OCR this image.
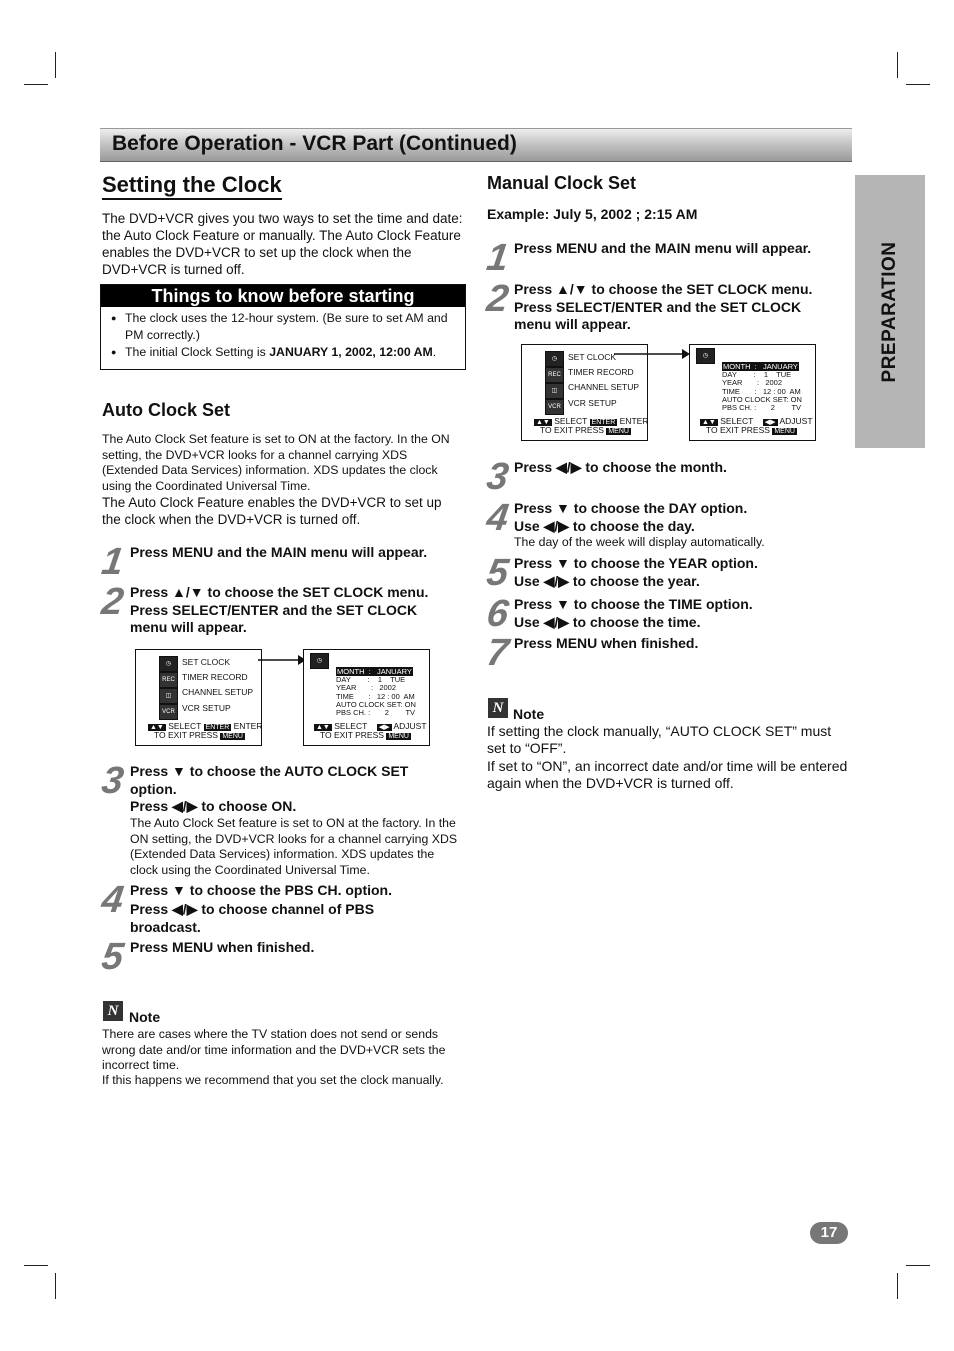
Before Operation - VCR Part (Continued)
PREPARATION
Setting the Clock

The DVD+VCR gives you two ways to set the time and date: the Auto Clock Feature or manually. The Auto Clock Feature enables the DVD+VCR to set up the clock when the DVD+VCR is turned off.

Things to know before starting
● The clock uses the 12-hour system. (Be sure to set AM and PM correctly.)
● The initial Clock Setting is JANUARY 1, 2002, 12:00 AM.
Auto Clock Set

The Auto Clock Set feature is set to ON at the factory. In the ON setting, the DVD+VCR looks for a channel carrying XDS (Extended Data Services) information. XDS updates the clock using the Coordinated Universal Time.

The Auto Clock Feature enables the DVD+VCR to set up the clock when the DVD+VCR is turned off.

1 Press MENU and the MAIN menu will appear.
2 Press ▲/▼ to choose the SET CLOCK menu. Press SELECT/ENTER and the SET CLOCK menu will appear.
◷
REC
◫
VCR
SET CLOCK
TIMER RECORD
CHANNEL SETUP
VCR SETUP
▲▼ SELECT ENTER ENTER
TO EXIT PRESS MENU
◷
MONTH  :   JANUARY
DAY        :    1    TUE
YEAR       :   2002
TIME       :   12 : 00  AM
AUTO CLOCK SET: ON
PBS CH. :       2        TV
▲▼ SELECT ◀▶ ADJUST
TO EXIT PRESS MENU
3 Press ▼ to choose the AUTO CLOCK SET option.
Press ◀/▶ to choose ON.
The Auto Clock Set feature is set to ON at the factory. In the ON setting, the DVD+VCR looks for a channel carrying XDS (Extended Data Services) information. XDS updates the clock using the Coordinated Universal Time.
4 Press ▼ to choose the PBS CH. option.
Press ◀/▶ to choose channel of PBS broadcast.
5 Press MENU when finished.
N Note

There are cases where the TV station does not send or sends wrong date and/or time information and the DVD+VCR sets the incorrect time.

If this happens we recommend that you set the clock manually.

Manual Clock Set
Example: July 5, 2002 ; 2:15 AM
1 Press MENU and the MAIN menu will appear.
2 Press ▲/▼ to choose the SET CLOCK menu. Press SELECT/ENTER and the SET CLOCK menu will appear.
◷
REC
◫
VCR
SET CLOCK
TIMER RECORD
CHANNEL SETUP
VCR SETUP
▲▼ SELECT ENTER ENTER
TO EXIT PRESS MENU
◷
MONTH  :   JANUARY
DAY        :    1    TUE
YEAR       :   2002
TIME       :   12 : 00  AM
AUTO CLOCK SET: ON
PBS CH. :       2        TV
▲▼ SELECT ◀▶ ADJUST
TO EXIT PRESS MENU
3 Press ◀/▶ to choose the month.
4 Press ▼ to choose the DAY option.
Use ◀/▶ to choose the day.
The day of the week will display automatically.
5 Press ▼ to choose the YEAR option.
Use ◀/▶ to choose the year.
6 Press ▼ to choose the TIME option.
Use ◀/▶ to choose the time.
7 Press MENU when finished.
N Note

If setting the clock manually, “AUTO CLOCK SET” must set to “OFF”.

If set to “ON”, an incorrect date and/or time will be entered again when the DVD+VCR is turned off.

17
